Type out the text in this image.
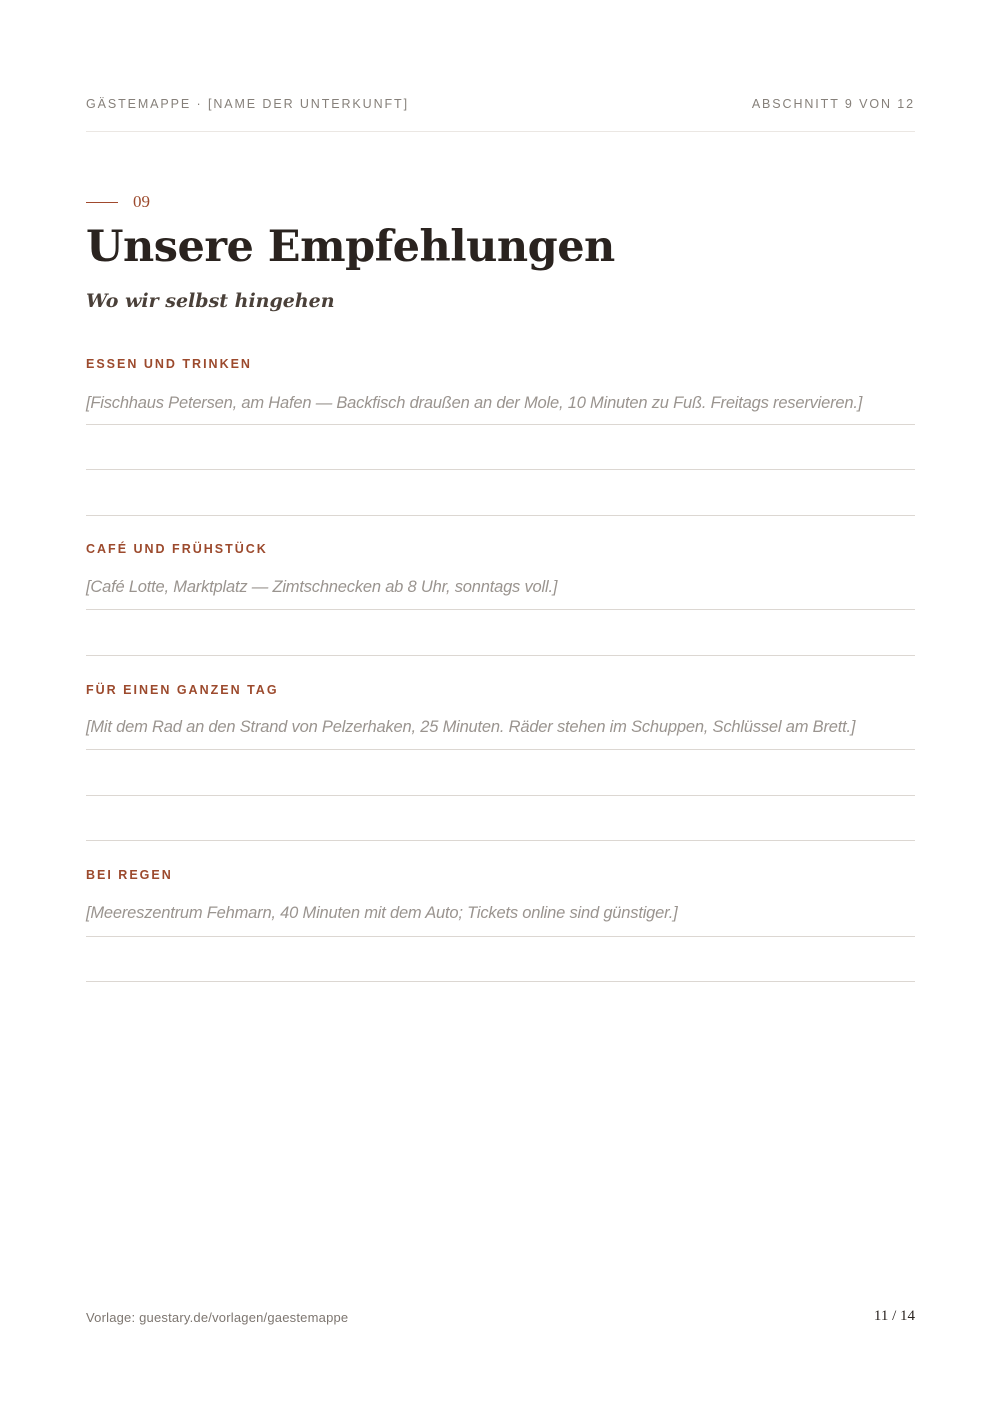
GÄSTEMAPPE · [NAME DER UNTERKUNFT]	ABSCHNITT 9 VON 12
09
Unsere Empfehlungen

Wo wir selbst hingehen

ESSEN UND TRINKEN
[Fischhaus Petersen, am Hafen — Backfisch draußen an der Mole, 10 Minuten zu Fuß. Freitags reservieren.]
CAFÉ UND FRÜHSTÜCK
[Café Lotte, Marktplatz — Zimtschnecken ab 8 Uhr, sonntags voll.]
FÜR EINEN GANZEN TAG
[Mit dem Rad an den Strand von Pelzerhaken, 25 Minuten. Räder stehen im Schuppen, Schlüssel am Brett.]
BEI REGEN
[Meereszentrum Fehmarn, 40 Minuten mit dem Auto; Tickets online sind günstiger.]
Vorlage: guestary.de/vorlagen/gaestemappe	11 / 14
